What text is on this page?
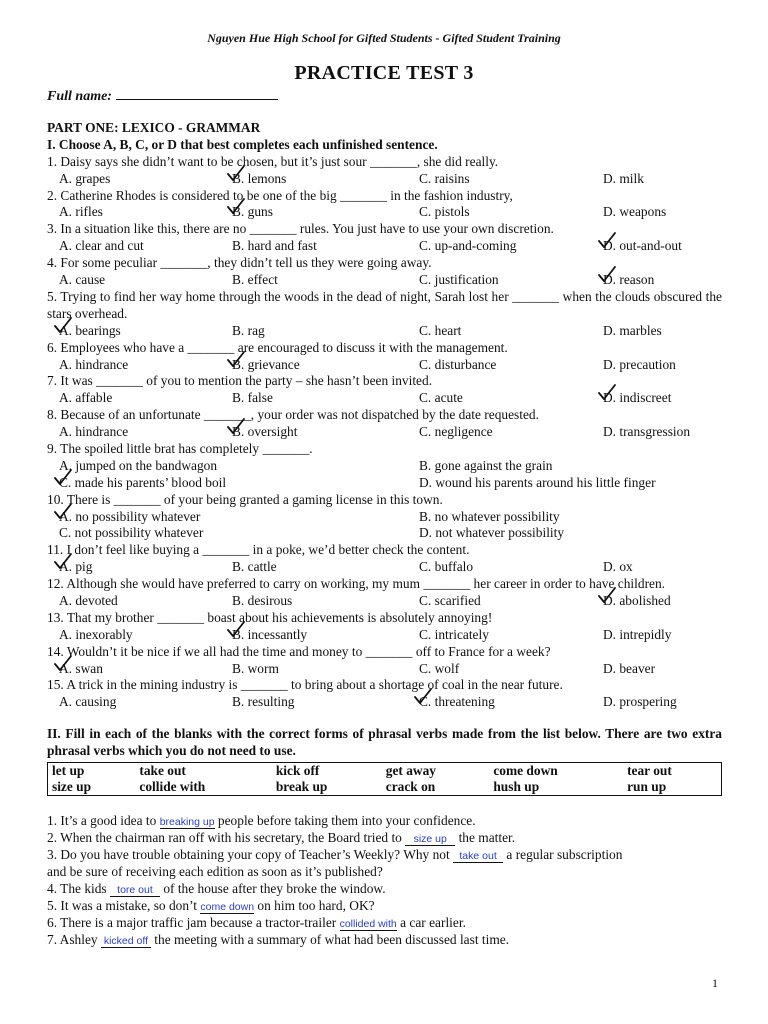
Nguyen Hue High School for Gifted Students - Gifted Student Training
PRACTICE TEST 3
Full name:
PART ONE: LEXICO - GRAMMAR
I. Choose A, B, C, or D that best completes each unfinished sentence.
1. Daisy says she didn’t want to be chosen, but it’s just sour _______, she did really.
A. grapes	B. lemons	C. raisins	D. milk
2. Catherine Rhodes is considered to be one of the big _______ in the fashion industry,
A. rifles	B. guns	C. pistols	D. weapons
3. In a situation like this, there are no _______ rules. You just have to use your own discretion.
A. clear and cut	B. hard and fast	C. up-and-coming	D. out-and-out
4. For some peculiar _______, they didn’t tell us they were going away.
A. cause	B. effect	C. justification	D. reason
5. Trying to find her way home through the woods in the dead of night, Sarah lost her _______ when the clouds obscured the stars overhead.
A. bearings	B. rag	C. heart	D. marbles
6. Employees who have a _______ are encouraged to discuss it with the management.
A. hindrance	B. grievance	C. disturbance	D. precaution
7. It was _______ of you to mention the party – she hasn’t been invited.
A. affable	B. false	C. acute	D. indiscreet
8. Because of an unfortunate _______, your order was not dispatched by the date requested.
A. hindrance	B. oversight	C. negligence	D. transgression
9. The spoiled little brat has completely _______.
A. jumped on the bandwagon	B. gone against the grain
C. made his parents’ blood boil	D. wound his parents around his little finger
10. There is _______ of your being granted a gaming license in this town.
A. no possibility whatever	B. no whatever possibility
C. not possibility whatever	D. not whatever possibility
11. I don’t feel like buying a _______ in a poke, we’d better check the content.
A. pig	B. cattle	C. buffalo	D. ox
12. Although she would have preferred to carry on working, my mum _______ her career in order to have children.
A. devoted	B. desirous	C. scarified	D. abolished
13. That my brother _______ boast about his achievements is absolutely annoying!
A. inexorably	B. incessantly	C. intricately	D. intrepidly
14. Wouldn’t it be nice if we all had the time and money to _______ off to France for a week?
A. swan	B. worm	C. wolf	D. beaver
15. A trick in the mining industry is _______ to bring about a shortage of coal in the near future.
A. causing	B. resulting	C. threatening	D. prospering
II. Fill in each of the blanks with the correct forms of phrasal verbs made from the list below. There are two extra phrasal verbs which you do not need to use.
let up	take out	kick off	get away	come down	tear out
size up	collide with	break up	crack on	hush up	run up
1. It’s a good idea to breaking up people before taking them into your confidence.
2. When the chairman ran off with his secretary, the Board tried to size up the matter.
3. Do you have trouble obtaining your copy of Teacher’s Weekly? Why not take out a regular subscription
and be sure of receiving each edition as soon as it’s published?
4. The kids tore out of the house after they broke the window.
5. It was a mistake, so don’t come down on him too hard, OK?
6. There is a major traffic jam because a tractor-trailer collided with a car earlier.
7. Ashley kicked off the meeting with a summary of what had been discussed last time.
1
